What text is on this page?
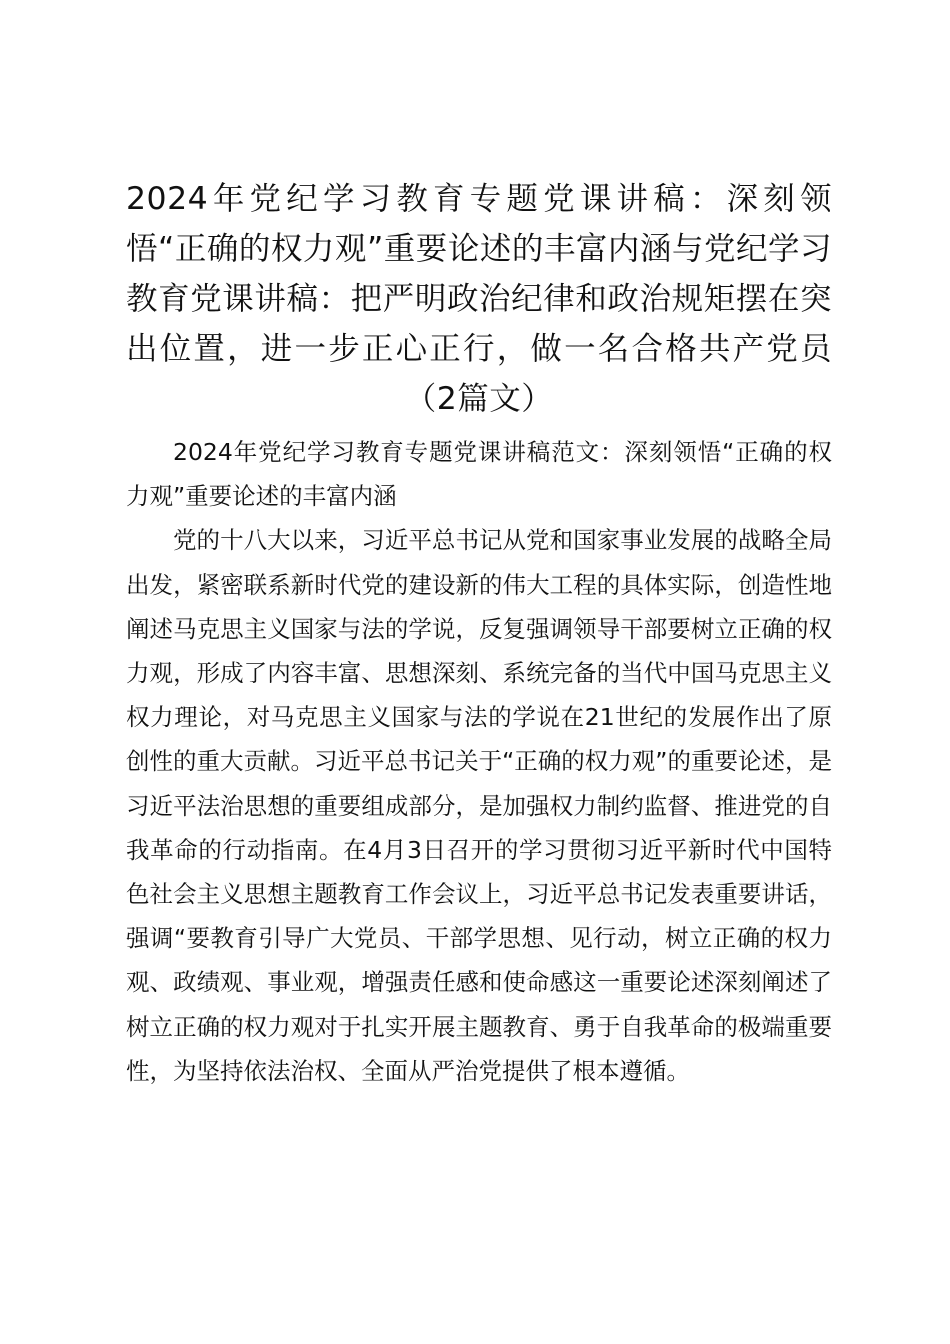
2024年党纪学习教育专题党课讲稿：深刻领悟“正确的权力观”重要论述的丰富内涵与党纪学习教育党课讲稿：把严明政治纪律和政治规矩摆在突出位置，进一步正心正行，做一名合格共产党员（2篇文）

2024年党纪学习教育专题党课讲稿范文：深刻领悟“正确的权力观”重要论述的丰富内涵

党的十八大以来，习近平总书记从党和国家事业发展的战略全局出发，紧密联系新时代党的建设新的伟大工程的具体实际，创造性地阐述马克思主义国家与法的学说，反复强调领导干部要树立正确的权力观，形成了内容丰富、思想深刻、系统完备的当代中国马克思主义权力理论，对马克思主义国家与法的学说在21世纪的发展作出了原创性的重大贡献。习近平总书记关于“正确的权力观”的重要论述，是习近平法治思想的重要组成部分，是加强权力制约监督、推进党的自我革命的行动指南。在4月3日召开的学习贯彻习近平新时代中国特色社会主义思想主题教育工作会议上，习近平总书记发表重要讲话，强调“要教育引导广大党员、干部学思想、见行动，树立正确的权力观、政绩观、事业观，增强责任感和使命感这一重要论述深刻阐述了树立正确的权力观对于扎实开展主题教育、勇于自我革命的极端重要性，为坚持依法治权、全面从严治党提供了根本遵循。
